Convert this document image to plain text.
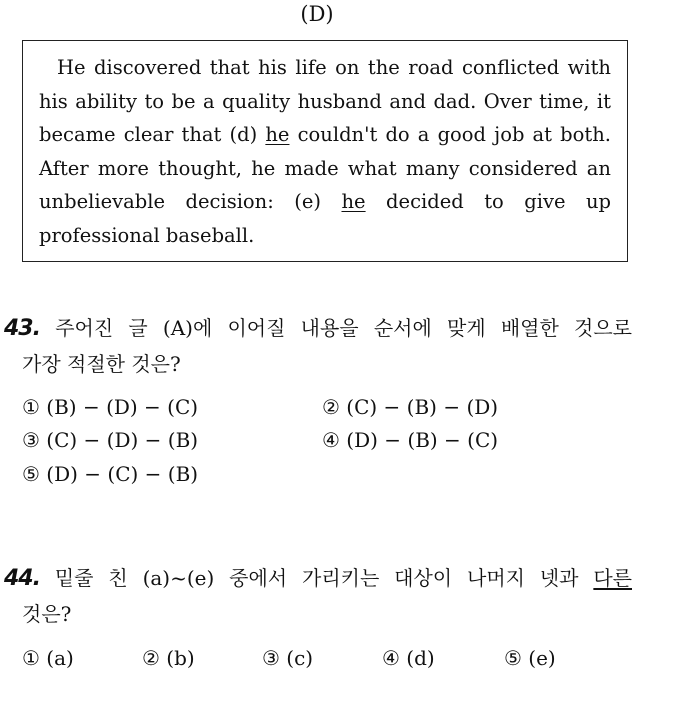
(D)
He discovered that his life on the road conflicted with
his ability to be a quality husband and dad. Over time, it
became clear that (d) he couldn't do a good job at both.
After more thought, he made what many considered an
unbelievable decision: (e) he decided to give up
professional baseball.
43. 주어진 글 (A)에 이어질 내용을 순서에 맞게 배열한 것으로
가장 적절한 것은?
① (B) − (D) − (C)	② (C) − (B) − (D)
③ (C) − (D) − (B)	④ (D) − (B) − (C)
⑤ (D) − (C) − (B)
44. 밑줄 친 (a)~(e) 중에서 가리키는 대상이 나머지 넷과 다른
것은?
① (a)	② (b)	③ (c)	④ (d)	⑤ (e)
